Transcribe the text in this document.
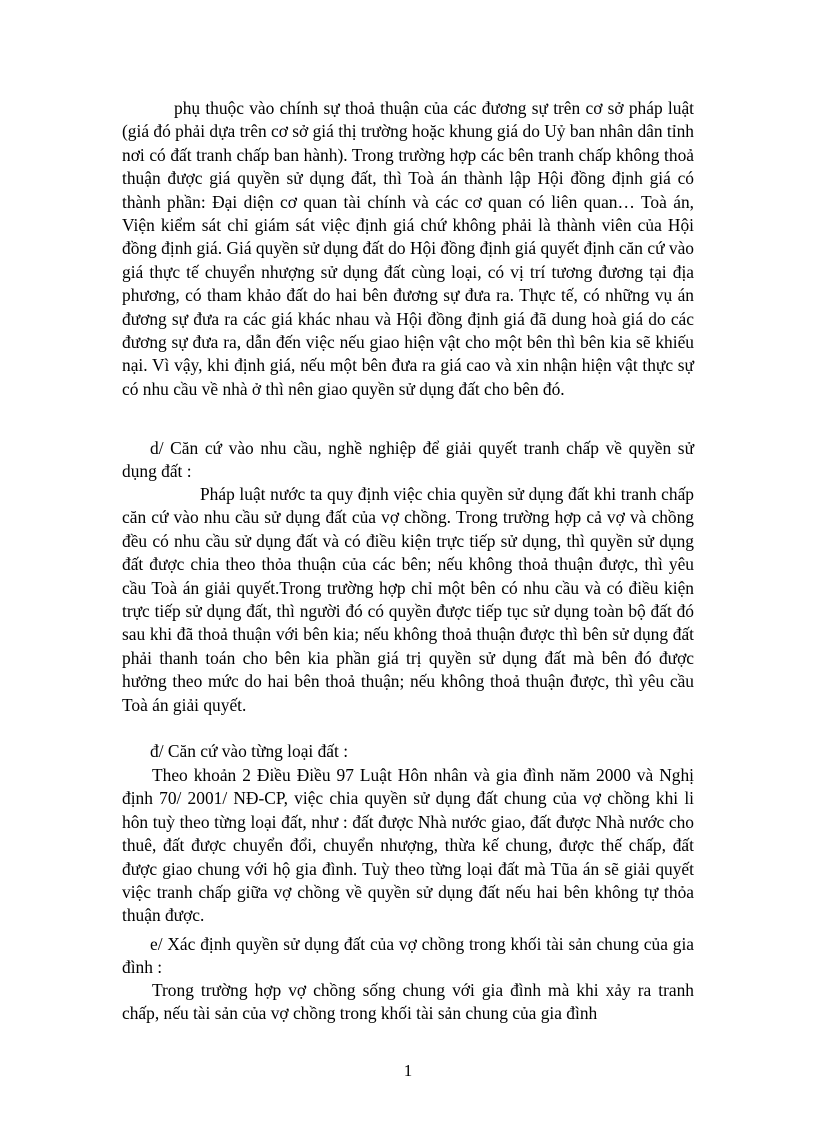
phụ thuộc vào chính sự thoả thuận của các đương sự trên cơ sở pháp luật (giá đó phải dựa trên cơ sở giá thị trường hoặc khung giá do Uỷ ban nhân dân tỉnh nơi có đất tranh chấp ban hành). Trong trường hợp các bên tranh chấp không thoả thuận được giá quyền sử dụng đất, thì Toà án thành lập Hội đồng định giá có thành phần: Đại diện cơ quan tài chính và các cơ quan có liên quan… Toà án, Viện kiểm sát chỉ giám sát việc định giá chứ không phải là thành viên của Hội đồng định giá. Giá quyền sử dụng đất do Hội đồng định giá quyết định căn cứ vào giá thực tế chuyển nhượng sử dụng đất cùng loại, có vị trí tương đương tại địa phương, có tham khảo đất do hai bên đương sự đưa ra. Thực tế, có những vụ án đương sự đưa ra các giá khác nhau và Hội đồng định giá đã dung hoà giá do các đương sự đưa ra, dẫn đến việc nếu giao hiện vật cho một bên thì bên kia sẽ khiếu nại. Vì vậy, khi định giá, nếu một bên đưa ra giá cao và xin nhận hiện vật thực sự có nhu cầu về nhà ở thì nên giao quyền sử dụng đất cho bên đó.

d/ Căn cứ vào nhu cầu, nghề nghiệp để giải quyết tranh chấp về quyền sử dụng đất :

Pháp luật nước ta quy định việc chia quyền sử dụng đất khi tranh chấp căn cứ vào nhu cầu sử dụng đất của vợ chồng. Trong trường hợp cả vợ và chồng đều có nhu cầu sử dụng đất và có điều kiện trực tiếp sử dụng, thì quyền sử dụng đất được chia theo thỏa thuận của các bên; nếu không thoả thuận được, thì yêu cầu Toà án giải quyết.Trong trường hợp chỉ một bên có nhu cầu và có điều kiện trực tiếp sử dụng đất, thì người đó có quyền được tiếp tục sử dụng toàn bộ đất đó sau khi đã thoả thuận với bên kia; nếu không thoả thuận được thì bên sử dụng đất phải thanh toán cho bên kia phần giá trị quyền sử dụng đất mà bên đó được hưởng theo mức do hai bên thoả thuận; nếu không thoả thuận được, thì yêu cầu Toà án giải quyết.

đ/ Căn cứ vào từng loại đất :

Theo khoản 2 Điều Điều 97 Luật Hôn nhân và gia đình năm 2000 và Nghị định 70/ 2001/ NĐ-CP, việc chia quyền sử dụng đất chung của vợ chồng khi li hôn tuỳ theo từng loại đất, như : đất được Nhà nước giao, đất được Nhà nước cho thuê, đất được chuyển đổi, chuyển nhượng, thừa kế chung, được thế chấp, đất được giao chung với hộ gia đình. Tuỳ theo từng loại đất mà Tũa án sẽ giải quyết việc tranh chấp giữa vợ chồng về quyền sử dụng đất nếu hai bên không tự thỏa thuận được.

e/ Xác định quyền sử dụng đất của vợ chồng trong khối tài sản chung của gia đình :

Trong trường hợp vợ chồng sống chung với gia đình mà khi xảy ra tranh chấp, nếu tài sản của vợ chồng trong khối tài sản chung của gia đình

1
